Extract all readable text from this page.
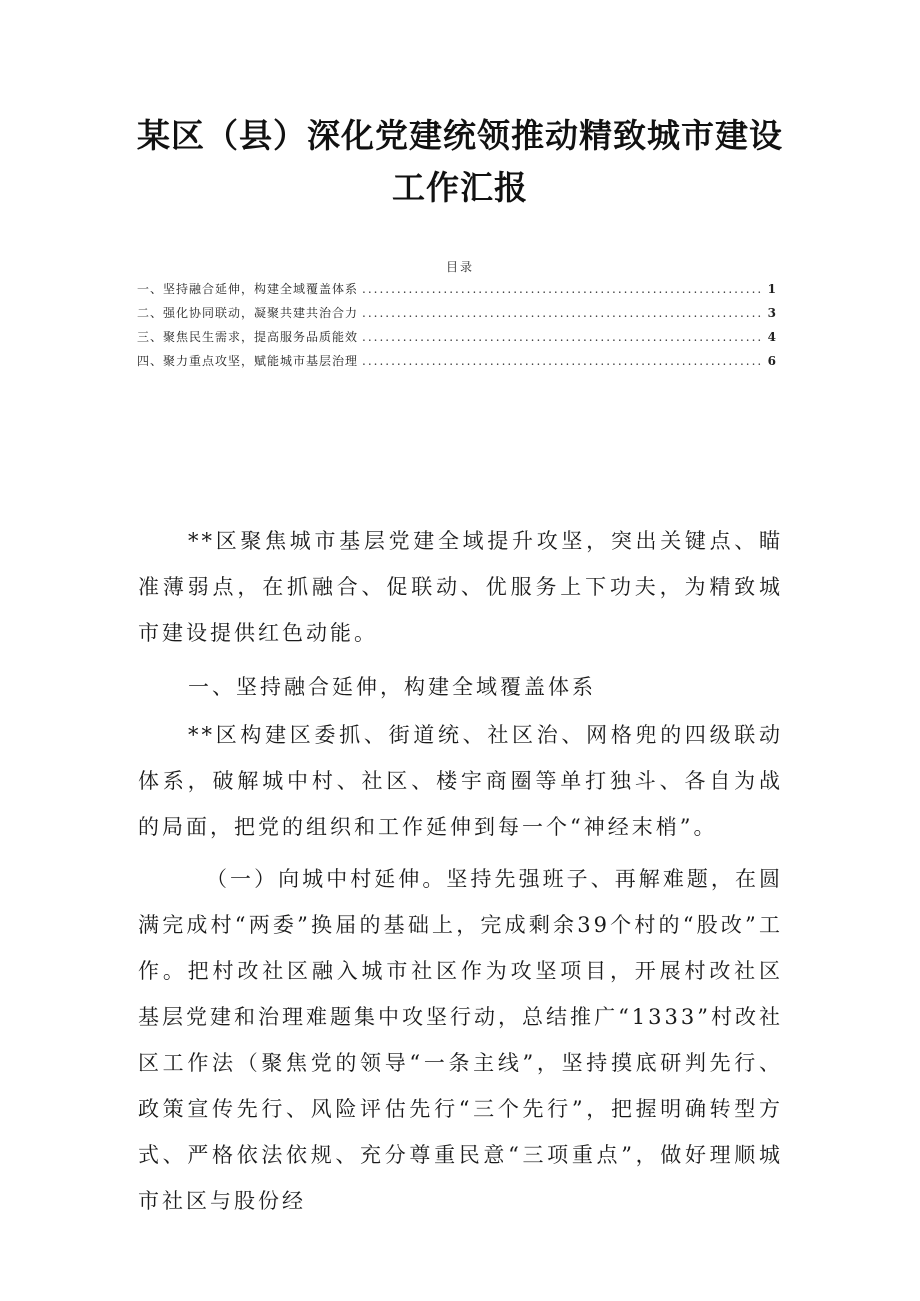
某区（县）深化党建统领推动精致城市建设
工作汇报
目录
一、坚持融合延伸，构建全域覆盖体系 .....	1
二、强化协同联动，凝聚共建共治合力 .....	3
三、聚焦民生需求，提高服务品质能效 .....	4
四、聚力重点攻坚，赋能城市基层治理 .....	6

**区聚焦城市基层党建全域提升攻坚，突出关键点、瞄准薄弱点，在抓融合、促联动、优服务上下功夫，为精致城市建设提供红色动能。

一、坚持融合延伸，构建全域覆盖体系

**区构建区委抓、街道统、社区治、网格兜的四级联动体系，破解城中村、社区、楼宇商圈等单打独斗、各自为战的局面，把党的组织和工作延伸到每一个“神经末梢”。

（一）向城中村延伸。坚持先强班子、再解难题，在圆满完成村“两委”换届的基础上，完成剩余39个村的“股改”工作。把村改社区融入城市社区作为攻坚项目，开展村改社区基层党建和治理难题集中攻坚行动，总结推广“1333”村改社区工作法（聚焦党的领导“一条主线”，坚持摸底研判先行、政策宣传先行、风险评估先行“三个先行”，把握明确转型方式、严格依法依规、充分尊重民意“三项重点”，做好理顺城市社区与股份经
